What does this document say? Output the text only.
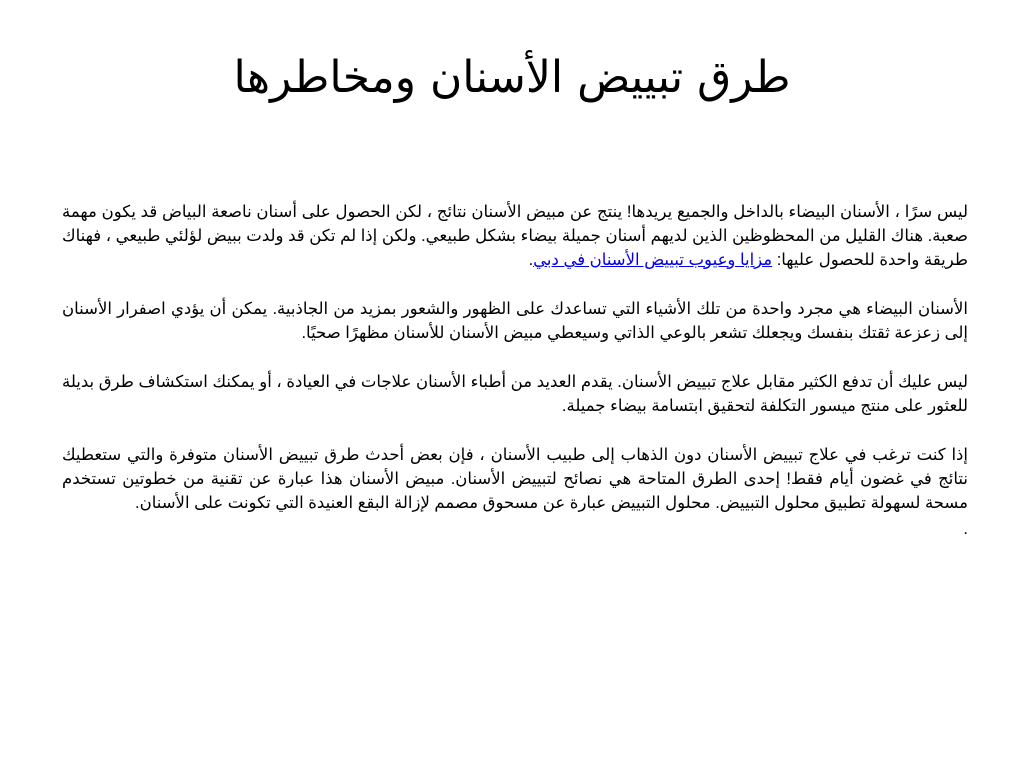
طرق تبييض الأسنان ومخاطرها

ليس سرًا ، الأسنان البيضاء بالداخل والجميع يريدها! ينتج عن مبيض الأسنان نتائج ، لكن الحصول على أسنان ناصعة البياض قد يكون مهمة صعبة. هناك القليل من المحظوظين الذين لديهم أسنان جميلة بيضاء بشكل طبيعي. ولكن إذا لم تكن قد ولدت ببيض لؤلئي طبيعي ، فهناك طريقة واحدة للحصول عليها: مزايا وعيوب تبييض الأسنان في دبي.

الأسنان البيضاء هي مجرد واحدة من تلك الأشياء التي تساعدك على الظهور والشعور بمزيد من الجاذبية. يمكن أن يؤدي اصفرار الأسنان إلى زعزعة ثقتك بنفسك ويجعلك تشعر بالوعي الذاتي وسيعطي مبيض الأسنان للأسنان مظهرًا صحيًا.

ليس عليك أن تدفع الكثير مقابل علاج تبييض الأسنان. يقدم العديد من أطباء الأسنان علاجات في العيادة ، أو يمكنك استكشاف طرق بديلة للعثور على منتج ميسور التكلفة لتحقيق ابتسامة بيضاء جميلة.

إذا كنت ترغب في علاج تبييض الأسنان دون الذهاب إلى طبيب الأسنان ، فإن بعض أحدث طرق تبييض الأسنان متوفرة والتي ستعطيك نتائج في غضون أيام فقط! إحدى الطرق المتاحة هي نصائح لتبييض الأسنان. مبيض الأسنان هذا عبارة عن تقنية من خطوتين تستخدم مسحة لسهولة تطبيق محلول التبييض. محلول التبييض عبارة عن مسحوق مصمم لإزالة البقع العنيدة التي تكونت على الأسنان.

.
